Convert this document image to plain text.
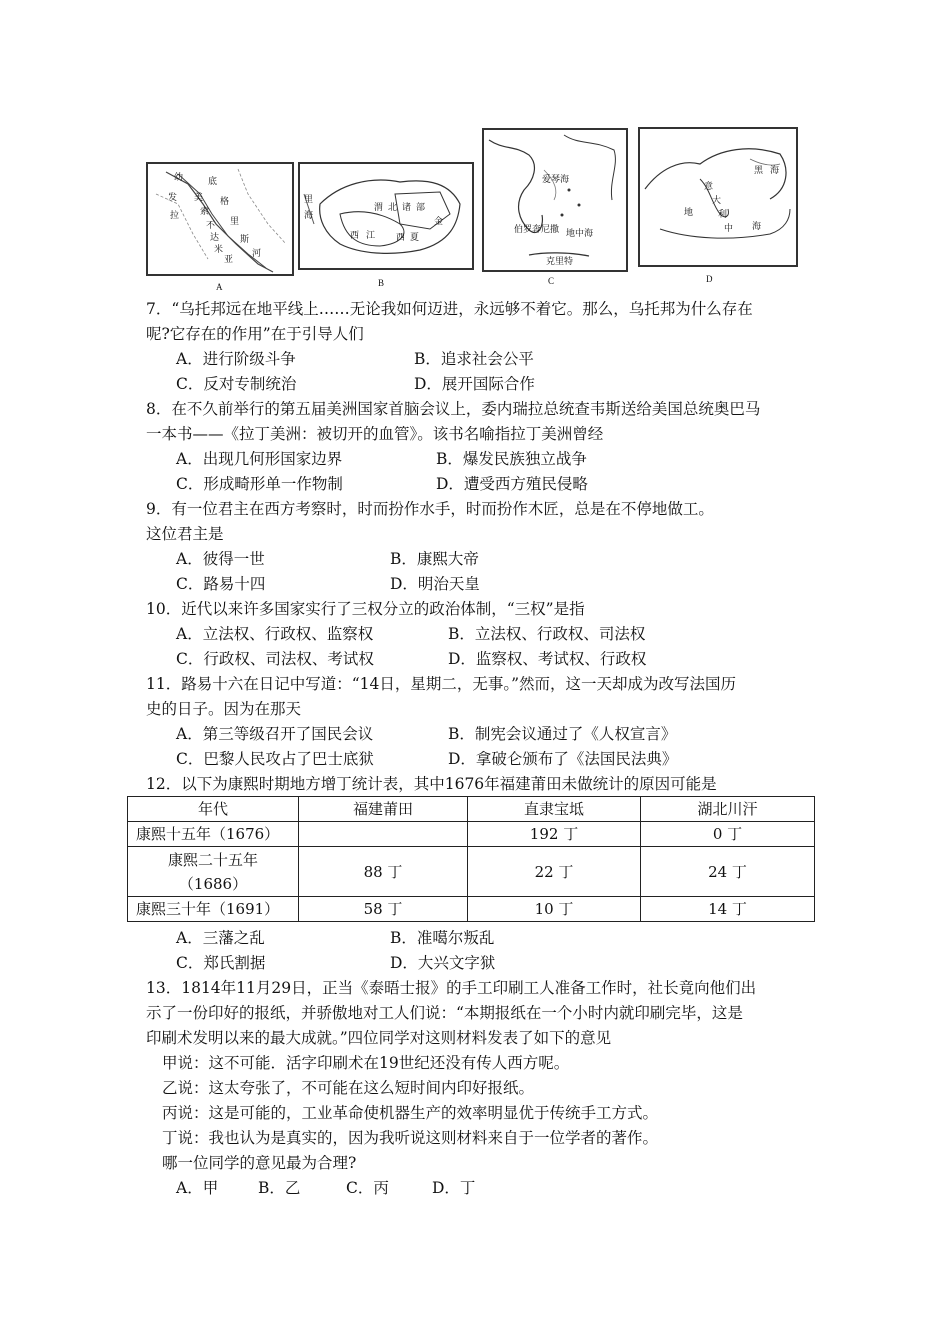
幼
发
拉
美
索
不
达
米
亚
底
格
里
斯
河
A
里
海
渭 北 诸 部
金
西 江 西 夏
B
爱琴海
伯罗奔尼撒 地中海
克里特
C
黑 海
意
大
利
地
中 海
D
7．“乌托邦远在地平线上……无论我如何迈进，永远够不着它。那么，乌托邦为什么存在
呢?它存在的作用”在于引导人们
A．进行阶级斗争	B．追求社会公平
C．反对专制统治	D．展开国际合作
8．在不久前举行的第五届美洲国家首脑会议上，委内瑞拉总统查韦斯送给美国总统奥巴马
一本书——《拉丁美洲：被切开的血管》。该书名喻指拉丁美洲曾经
A．出现几何形国家边界	B．爆发民族独立战争
C．形成畸形单一作物制	D．遭受西方殖民侵略
9．有一位君主在西方考察时，时而扮作水手，时而扮作木匠，总是在不停地做工。
这位君主是
A．彼得一世	B．康熙大帝
C．路易十四	D．明治天皇
10．近代以来许多国家实行了三权分立的政治体制，“三权”是指
A．立法权、行政权、监察权	B．立法权、行政权、司法权
C．行政权、司法权、考试权	D．监察权、考试权、行政权
11．路易十六在日记中写道：“14日，星期二，无事。”然而，这一天却成为改写法国历
史的日子。因为在那天
A．第三等级召开了国民会议	B．制宪会议通过了《人权宣言》
C．巴黎人民攻占了巴士底狱	D．拿破仑颁布了《法国民法典》
12．以下为康熙时期地方增丁统计表，其中1676年福建莆田未做统计的原因可能是
年代	福建莆田	直隶宝坻	湖北川汗
康熙十五年（1676）		192 丁	0 丁

康熙二十五年
（1686）	88 丁	22 丁	24 丁
康熙三十年（1691）	58 丁	10 丁	14 丁
A．三藩之乱	B．准噶尔叛乱
C．郑氏割据	D．大兴文字狱
13．1814年11月29日，正当《泰晤士报》的手工印刷工人准备工作时，社长竟向他们出
示了一份印好的报纸，并骄傲地对工人们说：“本期报纸在一个小时内就印刷完毕，这是
印刷术发明以来的最大成就。”四位同学对这则材料发表了如下的意见
甲说：这不可能．活字印刷术在19世纪还没有传人西方呢。
乙说：这太夸张了，不可能在这么短时间内印好报纸。
丙说：这是可能的，工业革命使机器生产的效率明显优于传统手工方式。
丁说：我也认为是真实的，因为我听说这则材料来自于一位学者的著作。
哪一位同学的意见最为合理?
A．甲	B．乙	C．丙	D．丁
